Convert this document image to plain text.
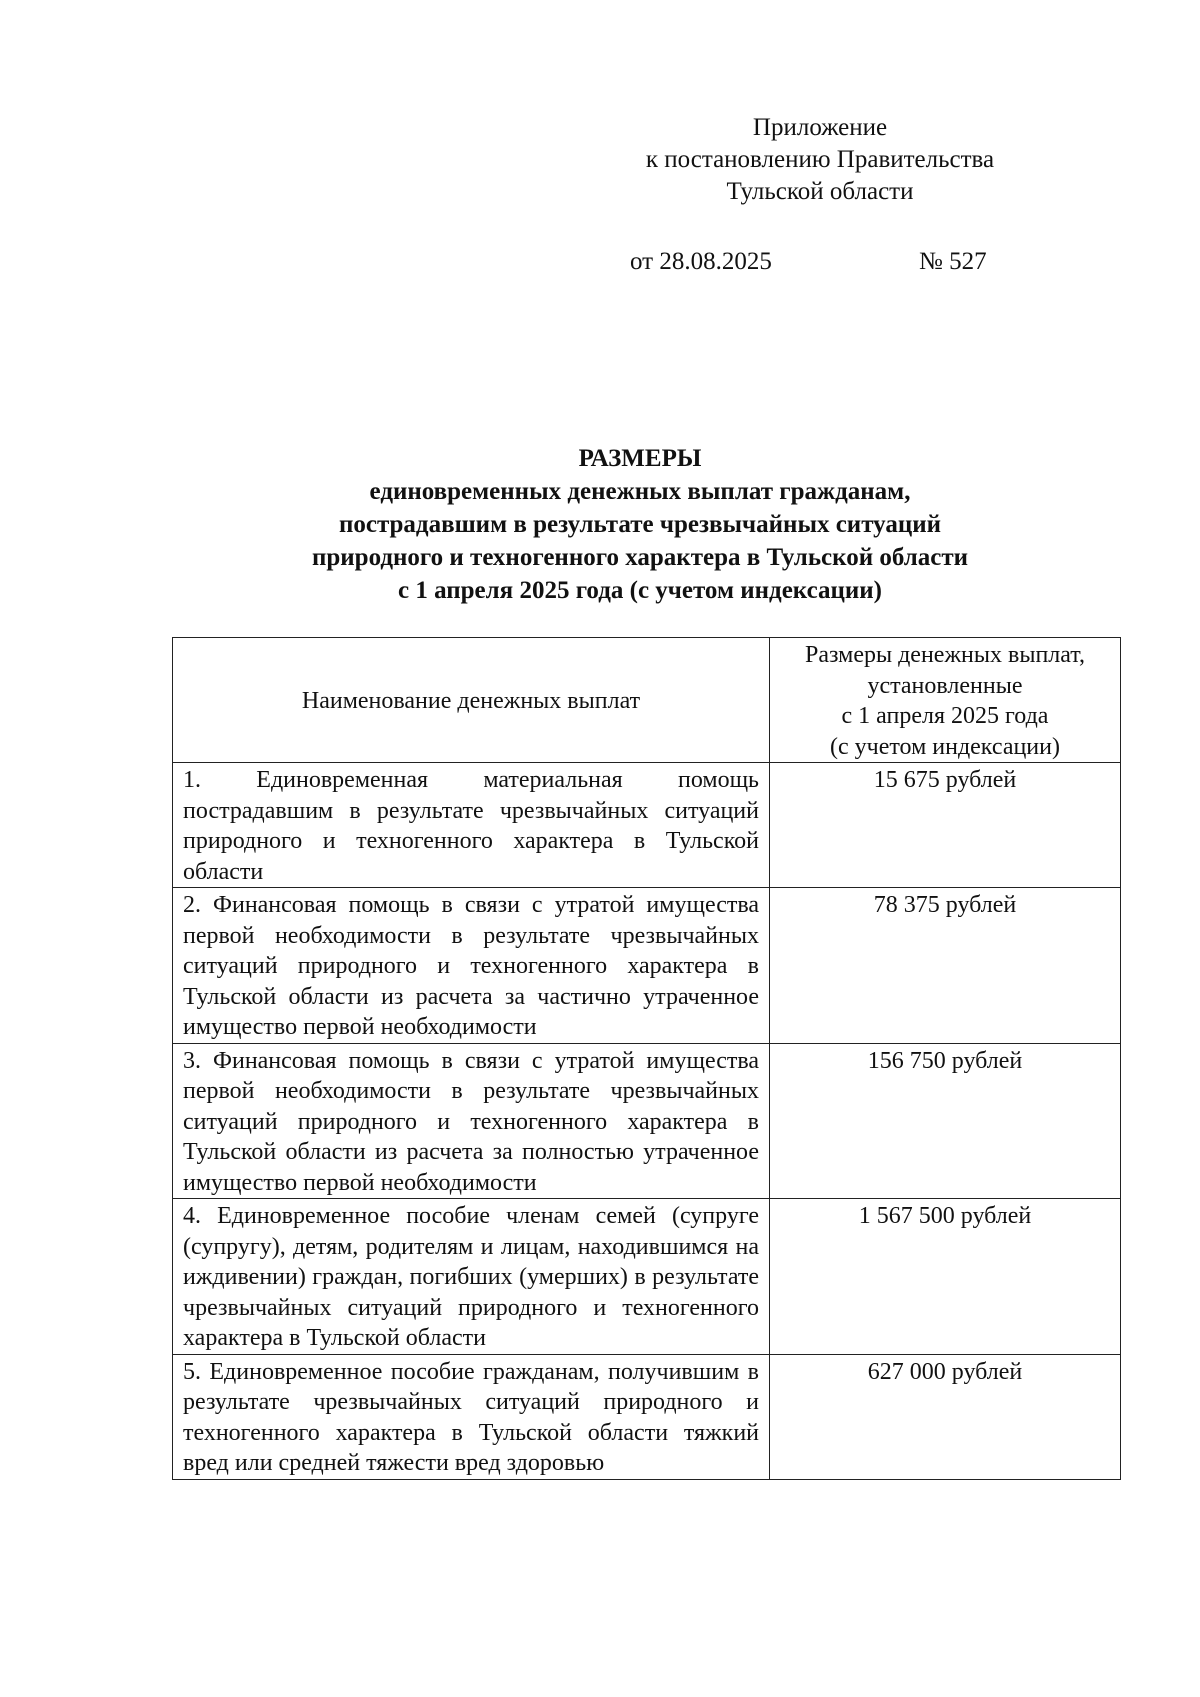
Приложение
к постановлению Правительства
Тульской области
от 28.08.2025	№ 527
РАЗМЕРЫ
единовременных денежных выплат гражданам,
пострадавшим в результате чрезвычайных ситуаций
природного и техногенного характера в Тульской области
с 1 апреля 2025 года (с учетом индексации)
Наименование денежных выплат	Размеры денежных выплат,
установленные
с 1 апреля 2025 года
(с учетом индексации)

1. Единовременная материальная помощь пострадавшим в результате чрезвычайных ситуаций природного и техногенного характера в Тульской области	15 675 рублей
2. Финансовая помощь в связи с утратой имущества первой необходимости в результате чрезвычайных ситуаций природного и техногенного характера в Тульской области из расчета за частично утраченное имущество первой необходимости	78 375 рублей
3. Финансовая помощь в связи с утратой имущества первой необходимости в результате чрезвычайных ситуаций природного и техногенного характера в Тульской области из расчета за полностью утраченное имущество первой необходимости	156 750 рублей
4. Единовременное пособие членам семей (супруге (супругу), детям, родителям и лицам, находившимся на иждивении) граждан, погибших (умерших) в результате чрезвычайных ситуаций природного и техногенного характера в Тульской области	1 567 500 рублей
5. Единовременное пособие гражданам, получившим в результате чрезвычайных ситуаций природного и техногенного характера в Тульской области тяжкий вред или средней тяжести вред здоровью	627 000 рублей
